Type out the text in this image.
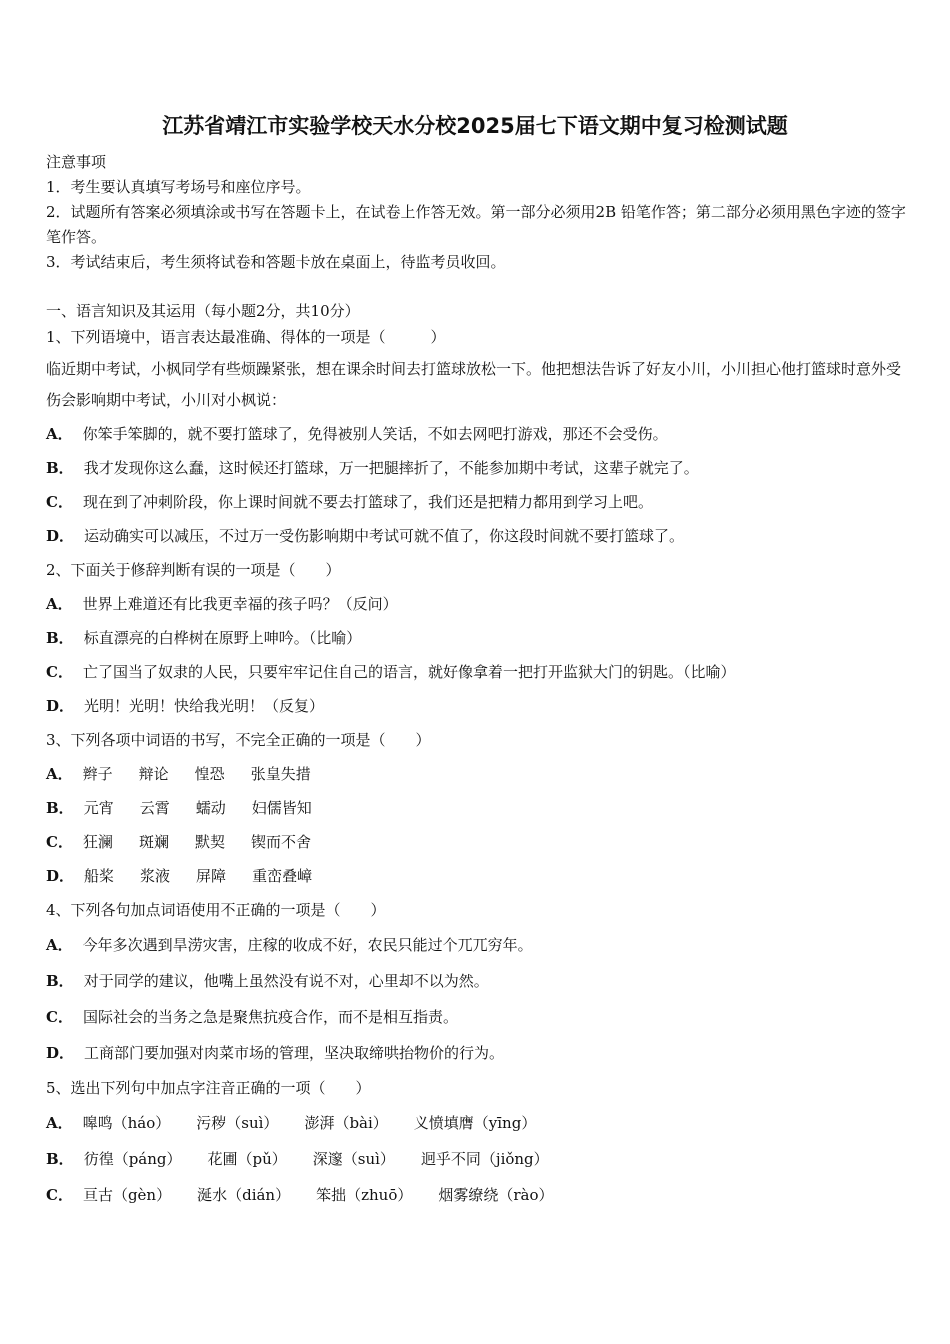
江苏省靖江市实验学校天水分校2025届七下语文期中复习检测试题
注意事项
1．考生要认真填写考场号和座位序号。
2．试题所有答案必须填涂或书写在答题卡上，在试卷上作答无效。第一部分必须用2B 铅笔作答；第二部分必须用黑色字迹的签字笔作答。
3．考试结束后，考生须将试卷和答题卡放在桌面上，待监考员收回。
一、语言知识及其运用（每小题2分，共10分）
1、下列语境中，语言表达最准确、得体的一项是（　　　）
临近期中考试，小枫同学有些烦躁紧张，想在课余时间去打篮球放松一下。他把想法告诉了好友小川，小川担心他打篮球时意外受伤会影响期中考试，小川对小枫说：
A． 你笨手笨脚的，就不要打篮球了，免得被别人笑话，不如去网吧打游戏，那还不会受伤。
B． 我才发现你这么蠢，这时候还打篮球，万一把腿摔折了，不能参加期中考试，这辈子就完了。
C． 现在到了冲刺阶段，你上课时间就不要去打篮球了，我们还是把精力都用到学习上吧。
D． 运动确实可以减压，不过万一受伤影响期中考试可就不值了，你这段时间就不要打篮球了。
2、下面关于修辞判断有误的一项是（　　）
A． 世界上难道还有比我更幸福的孩子吗？（反问）
B． 标直漂亮的白桦树在原野上呻吟。（比喻）
C． 亡了国当了奴隶的人民，只要牢牢记住自己的语言，就好像拿着一把打开监狱大门的钥匙。（比喻）
D． 光明！光明！快给我光明！（反复）
3、下列各项中词语的书写，不完全正确的一项是（　　）
A． 辫子 辩论 惶恐 张皇失措
B． 元宵 云霄 蠕动 妇儒皆知
C． 狂澜 斑斓 默契 锲而不舍
D． 船桨 浆液 屏障 重峦叠嶂
4、下列各句加点词语使用不正确的一项是（　　）
A． 今年多次遇到旱涝灾害，庄稼的收成不好，农民只能过个兀兀穷年。
B． 对于同学的建议，他嘴上虽然没有说不对，心里却不以为然。
C． 国际社会的当务之急是聚焦抗疫合作，而不是相互指责。
D． 工商部门要加强对肉菜市场的管理，坚决取缔哄抬物价的行为。
5、选出下列句中加点字注音正确的一项（　　）
A． 嗥鸣（háo） 污秽（suì） 澎湃（bài） 义愤填膺（yīng）
B． 彷徨（páng） 花圃（pǔ） 深邃（suì） 迥乎不同（jiǒng）
C． 亘古（gèn） 涎水（dián） 笨拙（zhuō） 烟雾缭绕（rào）
